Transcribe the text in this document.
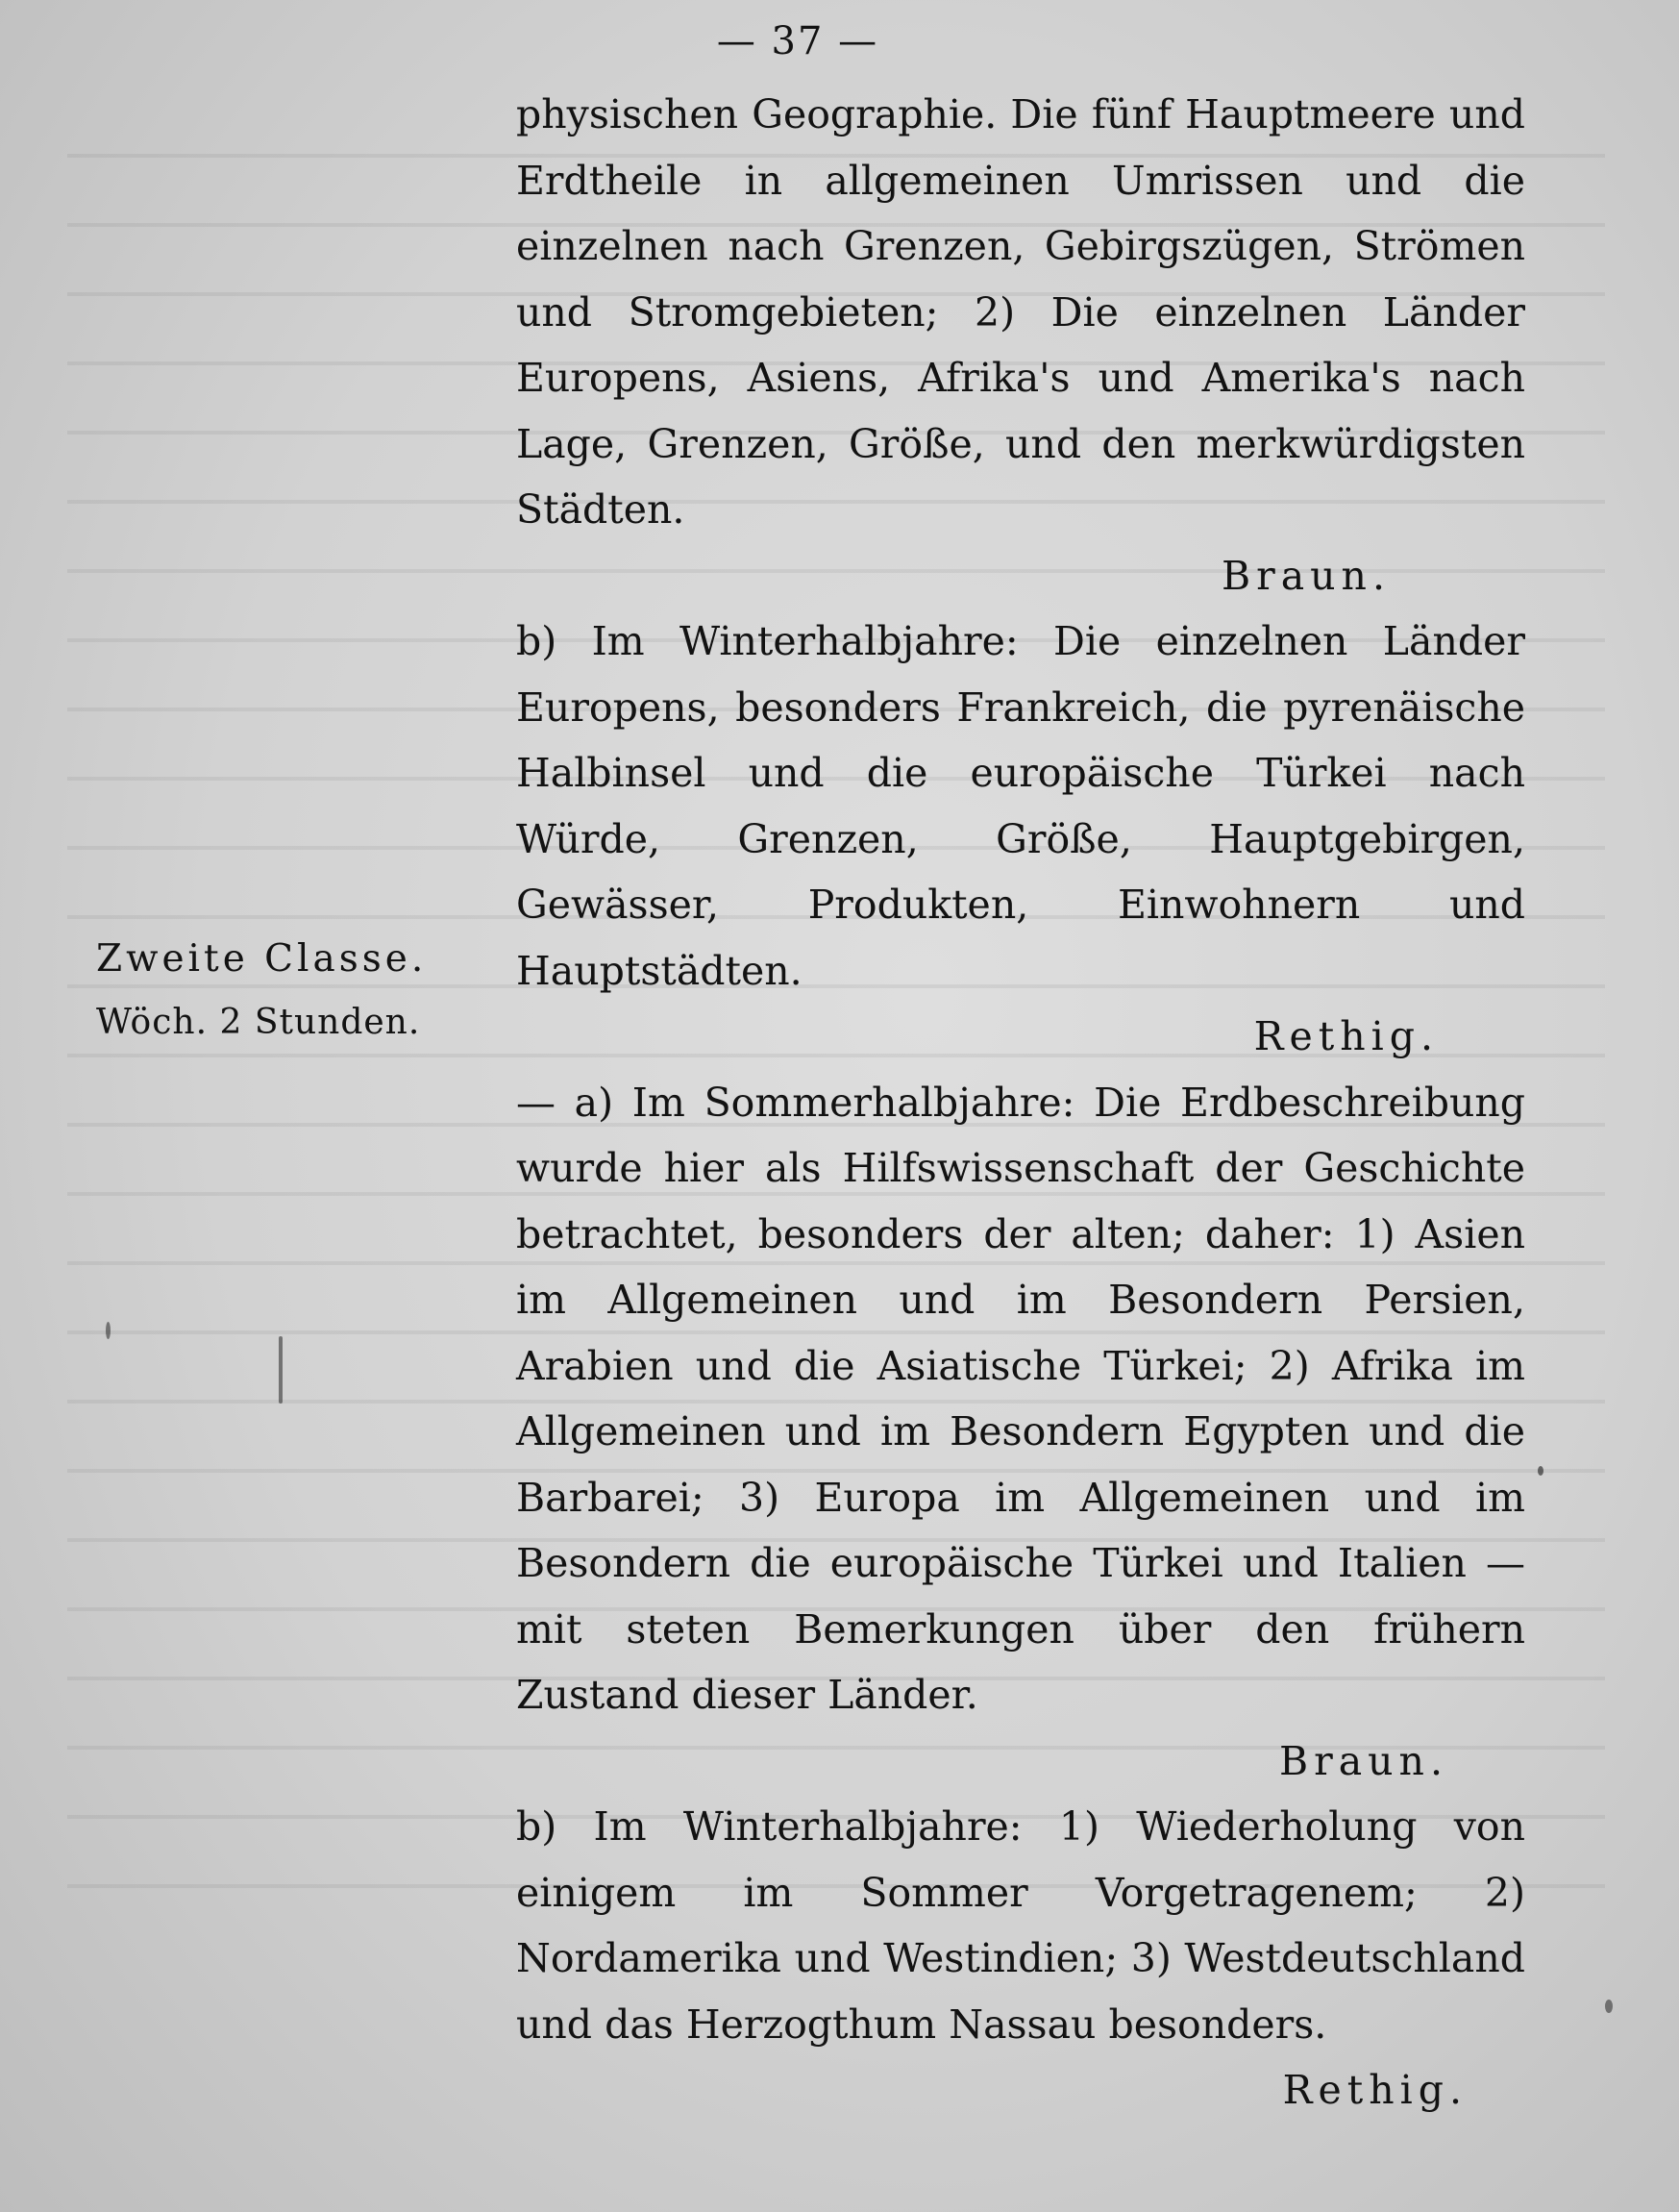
— 37 —
Zweite Classe.
Wöch. 2 Stunden.

physischen Geographie. Die fünf Hauptmeere und Erdtheile in allgemeinen Umrissen und die einzelnen nach Grenzen, Gebirgszügen, Strömen und Stromgebieten; 2) Die einzelnen Länder Europens, Asiens, Afrika's und Amerika's nach Lage, Grenzen, Größe, und den merkwürdigsten Städten.

Braun.

b) Im Winterhalbjahre: Die einzelnen Länder Europens, besonders Frankreich, die pyrenäische Halbinsel und die europäische Türkei nach Würde, Grenzen, Größe, Hauptgebirgen, Gewässer, Produkten, Einwohnern und Hauptstädten.

Rethig.

— a) Im Sommerhalbjahre: Die Erdbeschreibung wurde hier als Hilfswissenschaft der Geschichte betrachtet, besonders der alten; daher: 1) Asien im Allgemeinen und im Besondern Persien, Arabien und die Asiatische Türkei; 2) Afrika im Allgemeinen und im Besondern Egypten und die Barbarei; 3) Europa im Allgemeinen und im Besondern die europäische Türkei und Italien — mit steten Bemerkungen über den frühern Zustand dieser Länder.

Braun.

b) Im Winterhalbjahre: 1) Wiederholung von einigem im Sommer Vorgetragenem; 2) Nordamerika und Westindien; 3) Westdeutschland und das Herzogthum Nassau besonders.

Rethig.
